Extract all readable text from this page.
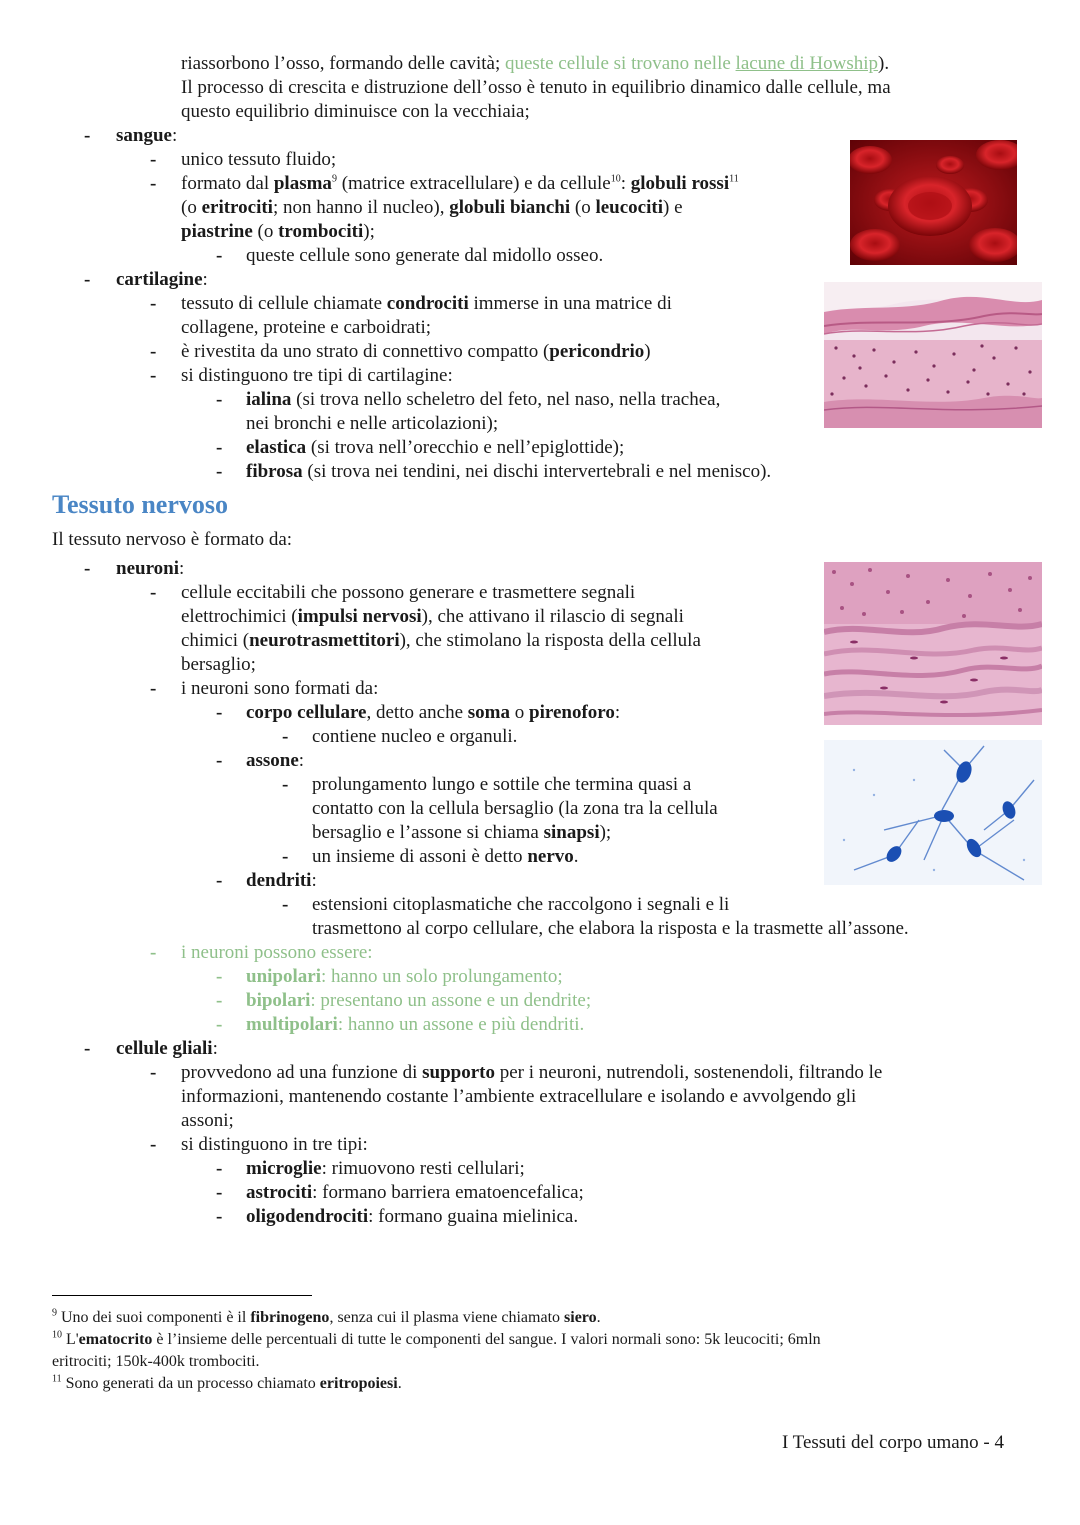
riassorbono l’osso, formando delle cavità; queste cellule si trovano nelle lacune di Howship).
Il processo di crescita e distruzione dell’osso è tenuto in equilibrio dinamico dalle cellule, ma
questo equilibrio diminuisce con la vecchiaia;
- sangue:
- unico tessuto fluido;
- formato dal plasma$^9$ (matrice extracellulare) e da cellule$^{10}$: globuli rossi$^{11}$
(o eritrociti; non hanno il nucleo), globuli bianchi (o leucociti) e
piastrine (o trombociti);
- queste cellule sono generate dal midollo osseo.
- cartilagine:
- tessuto di cellule chiamate condrociti immerse in una matrice di
collagene, proteine e carboidrati;
- è rivestita da uno strato di connettivo compatto (pericondrio)
- si distinguono tre tipi di cartilagine:
- ialina (si trova nello scheletro del feto, nel naso, nella trachea,
nei bronchi e nelle articolazioni);
- elastica (si trova nell’orecchio e nell’epiglottide);
- fibrosa (si trova nei tendini, nei dischi intervertebrali e nel menisco).
Tessuto nervoso
Il tessuto nervoso è formato da:
- neuroni:
- cellule eccitabili che possono generare e trasmettere segnali
elettrochimici (impulsi nervosi), che attivano il rilascio di segnali
chimici (neurotrasmettitori), che stimolano la risposta della cellula
bersaglio;
- i neuroni sono formati da:
- corpo cellulare, detto anche soma o pirenoforo:
- contiene nucleo e organuli.
- assone:
- prolungamento lungo e sottile che termina quasi a
contatto con la cellula bersaglio (la zona tra la cellula
bersaglio e l’assone si chiama sinapsi);
- un insieme di assoni è detto nervo.
- dendriti:
- estensioni citoplasmatiche che raccolgono i segnali e li
trasmettono al corpo cellulare, che elabora la risposta e la trasmette all’assone.
- i neuroni possono essere:
- unipolari: hanno un solo prolungamento;
- bipolari: presentano un assone e un dendrite;
- multipolari: hanno un assone e più dendriti.
- cellule gliali:
- provvedono ad una funzione di supporto per i neuroni, nutrendoli, sostenendoli, filtrando le
informazioni, mantenendo costante l’ambiente extracellulare e isolando e avvolgendo gli
assoni;
- si distinguono in tre tipi:
- microglie: rimuovono resti cellulari;
- astrociti: formano barriera ematoencefalica;
- oligodendrociti: formano guaina mielinica.
$^9$ Uno dei suoi componenti è il fibrinogeno, senza cui il plasma viene chiamato siero.
$^{10}$ L'ematocrito è l’insieme delle percentuali di tutte le componenti del sangue. I valori normali sono: 5k leucociti; 6mln
eritrociti; 150k-400k trombociti.
$^{11}$ Sono generati da un processo chiamato eritropoiesi.
I Tessuti del corpo umano - 4
